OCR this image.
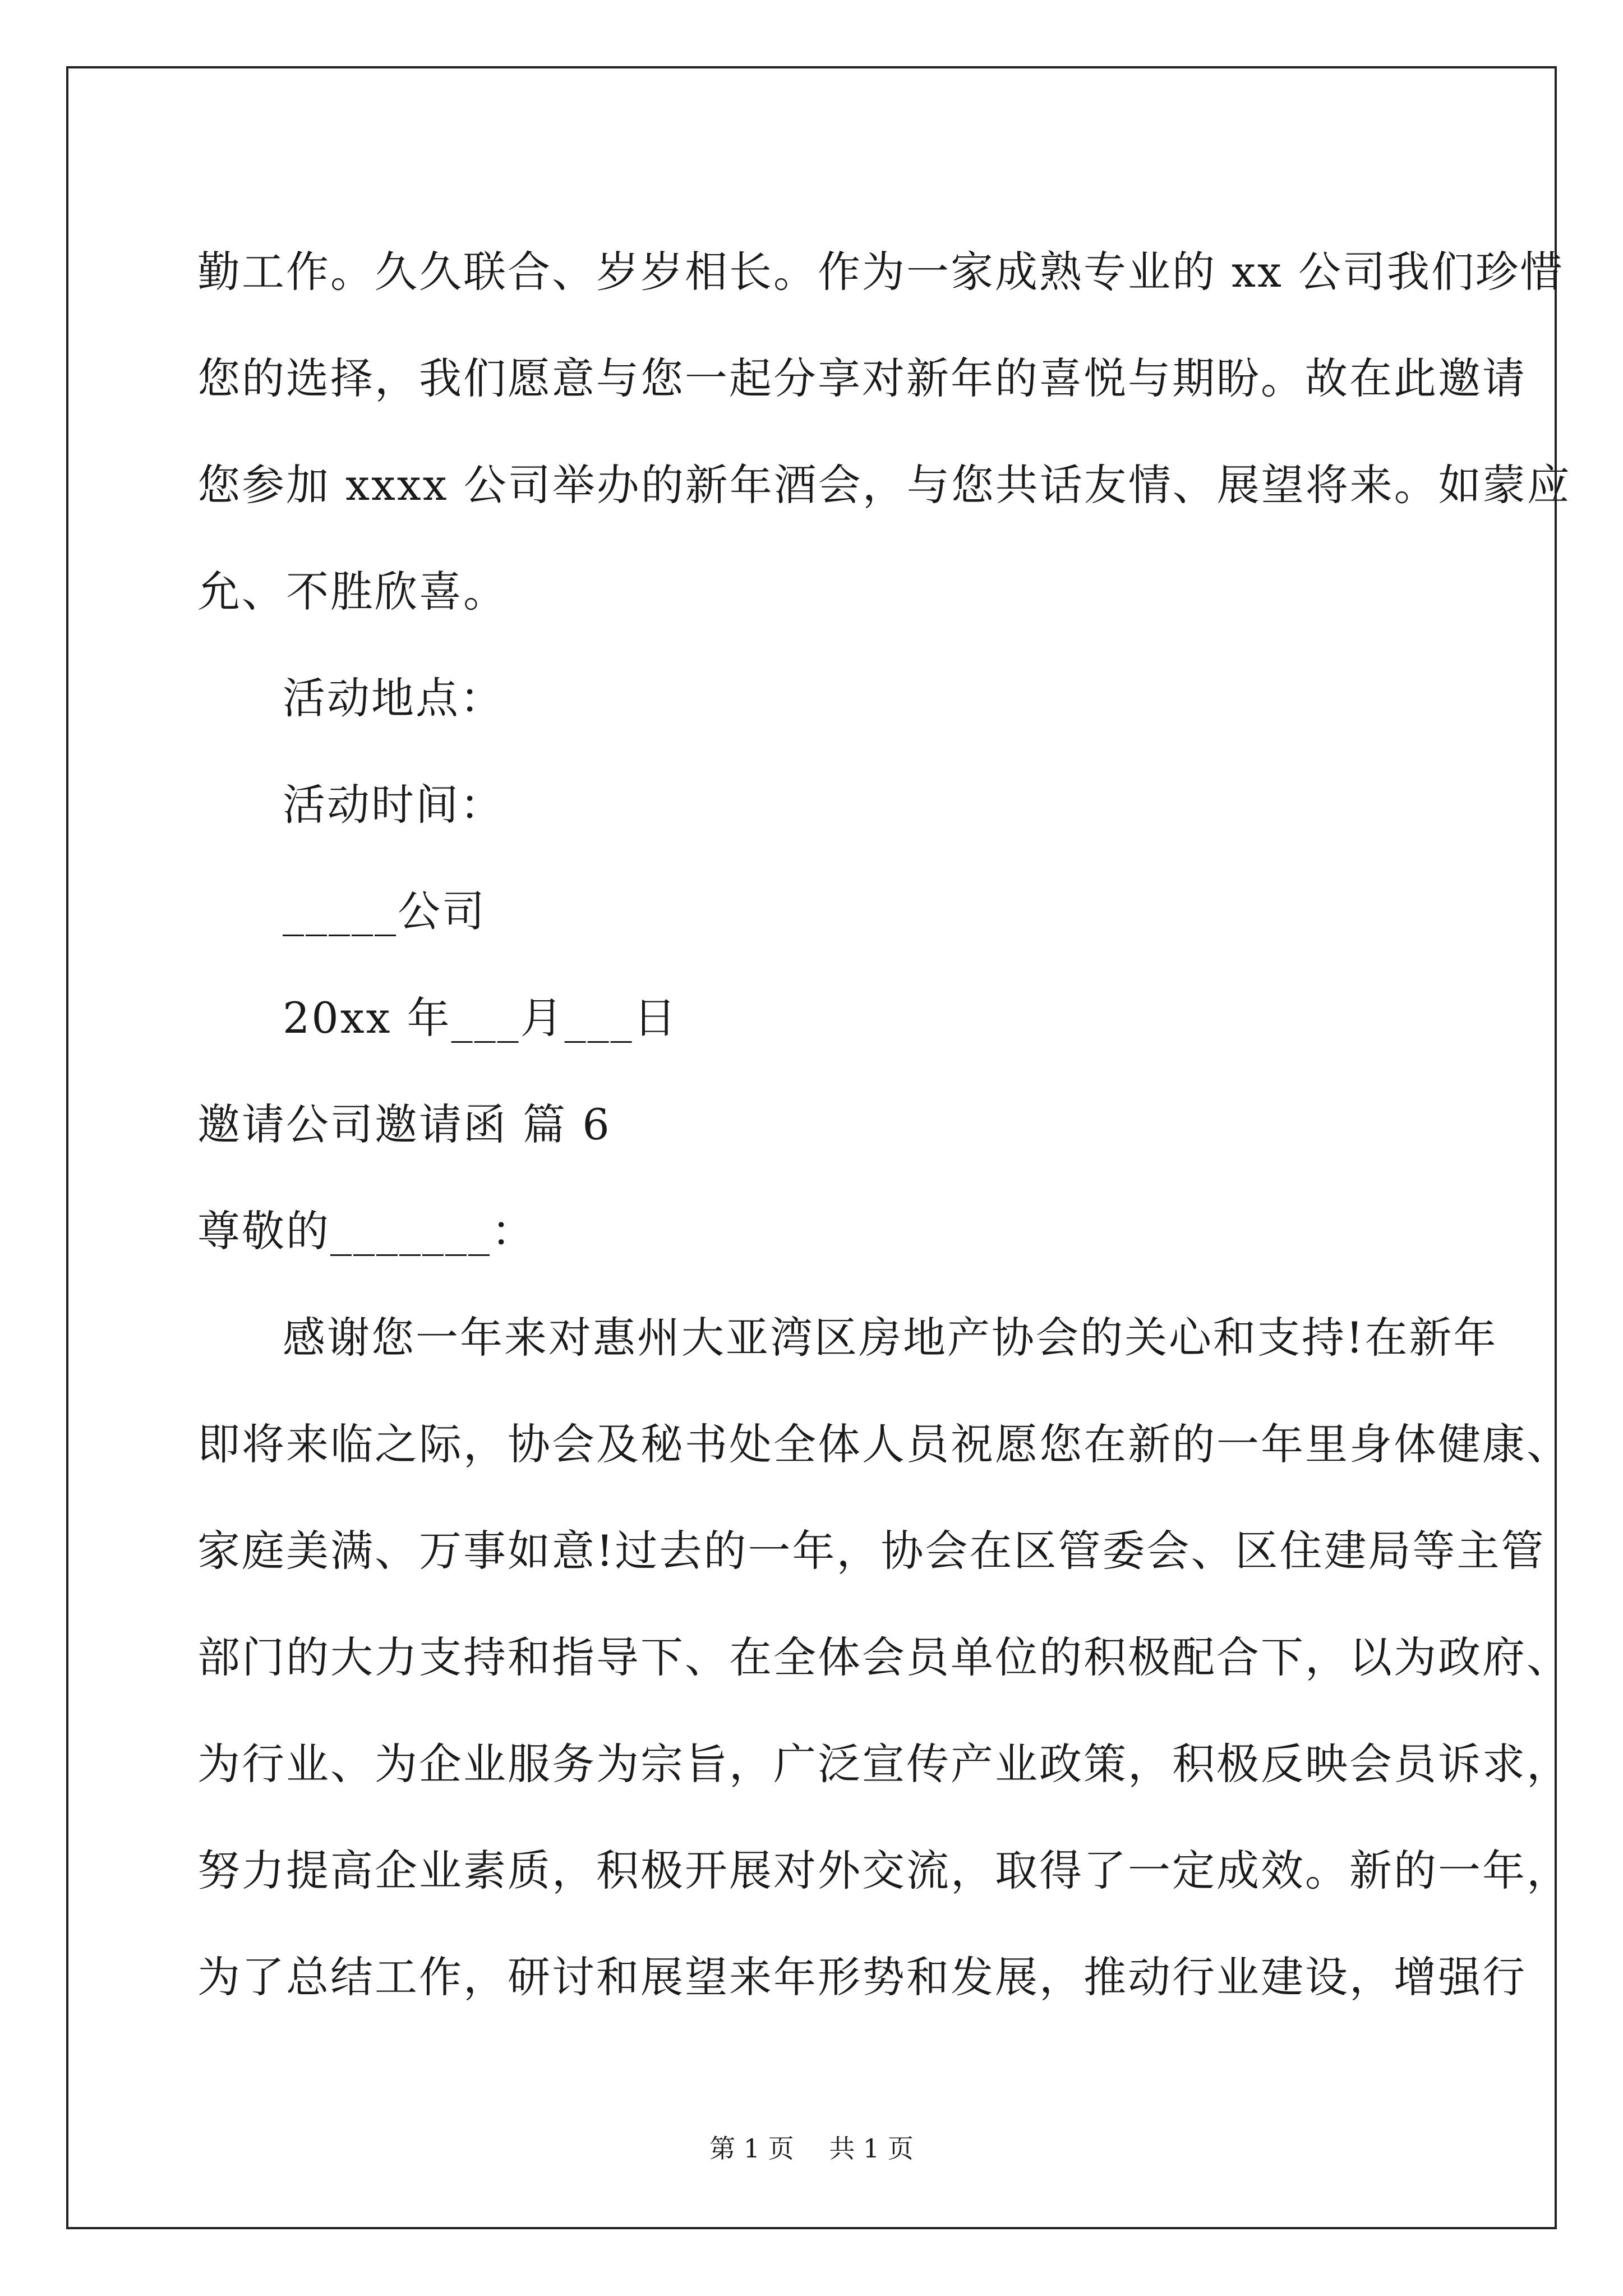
勤工作。久久联合、岁岁相长。作为一家成熟专业的 xx 公司我们珍惜
您的选择，我们愿意与您一起分享对新年的喜悦与期盼。故在此邀请
您参加 xxxx 公司举办的新年酒会，与您共话友情、展望将来。如蒙应
允、不胜欣喜。
活动地点：
活动时间：
_____公司
20xx 年___月___日
邀请公司邀请函 篇 6
尊敬的_______：
感谢您一年来对惠州大亚湾区房地产协会的关心和支持!在新年
即将来临之际，协会及秘书处全体人员祝愿您在新的一年里身体健康、
家庭美满、万事如意!过去的一年，协会在区管委会、区住建局等主管
部门的大力支持和指导下、在全体会员单位的积极配合下，以为政府、
为行业、为企业服务为宗旨，广泛宣传产业政策，积极反映会员诉求，
努力提高企业素质，积极开展对外交流，取得了一定成效。新的一年，
为了总结工作，研讨和展望来年形势和发展，推动行业建设，增强行
第 1 页 共 1 页
